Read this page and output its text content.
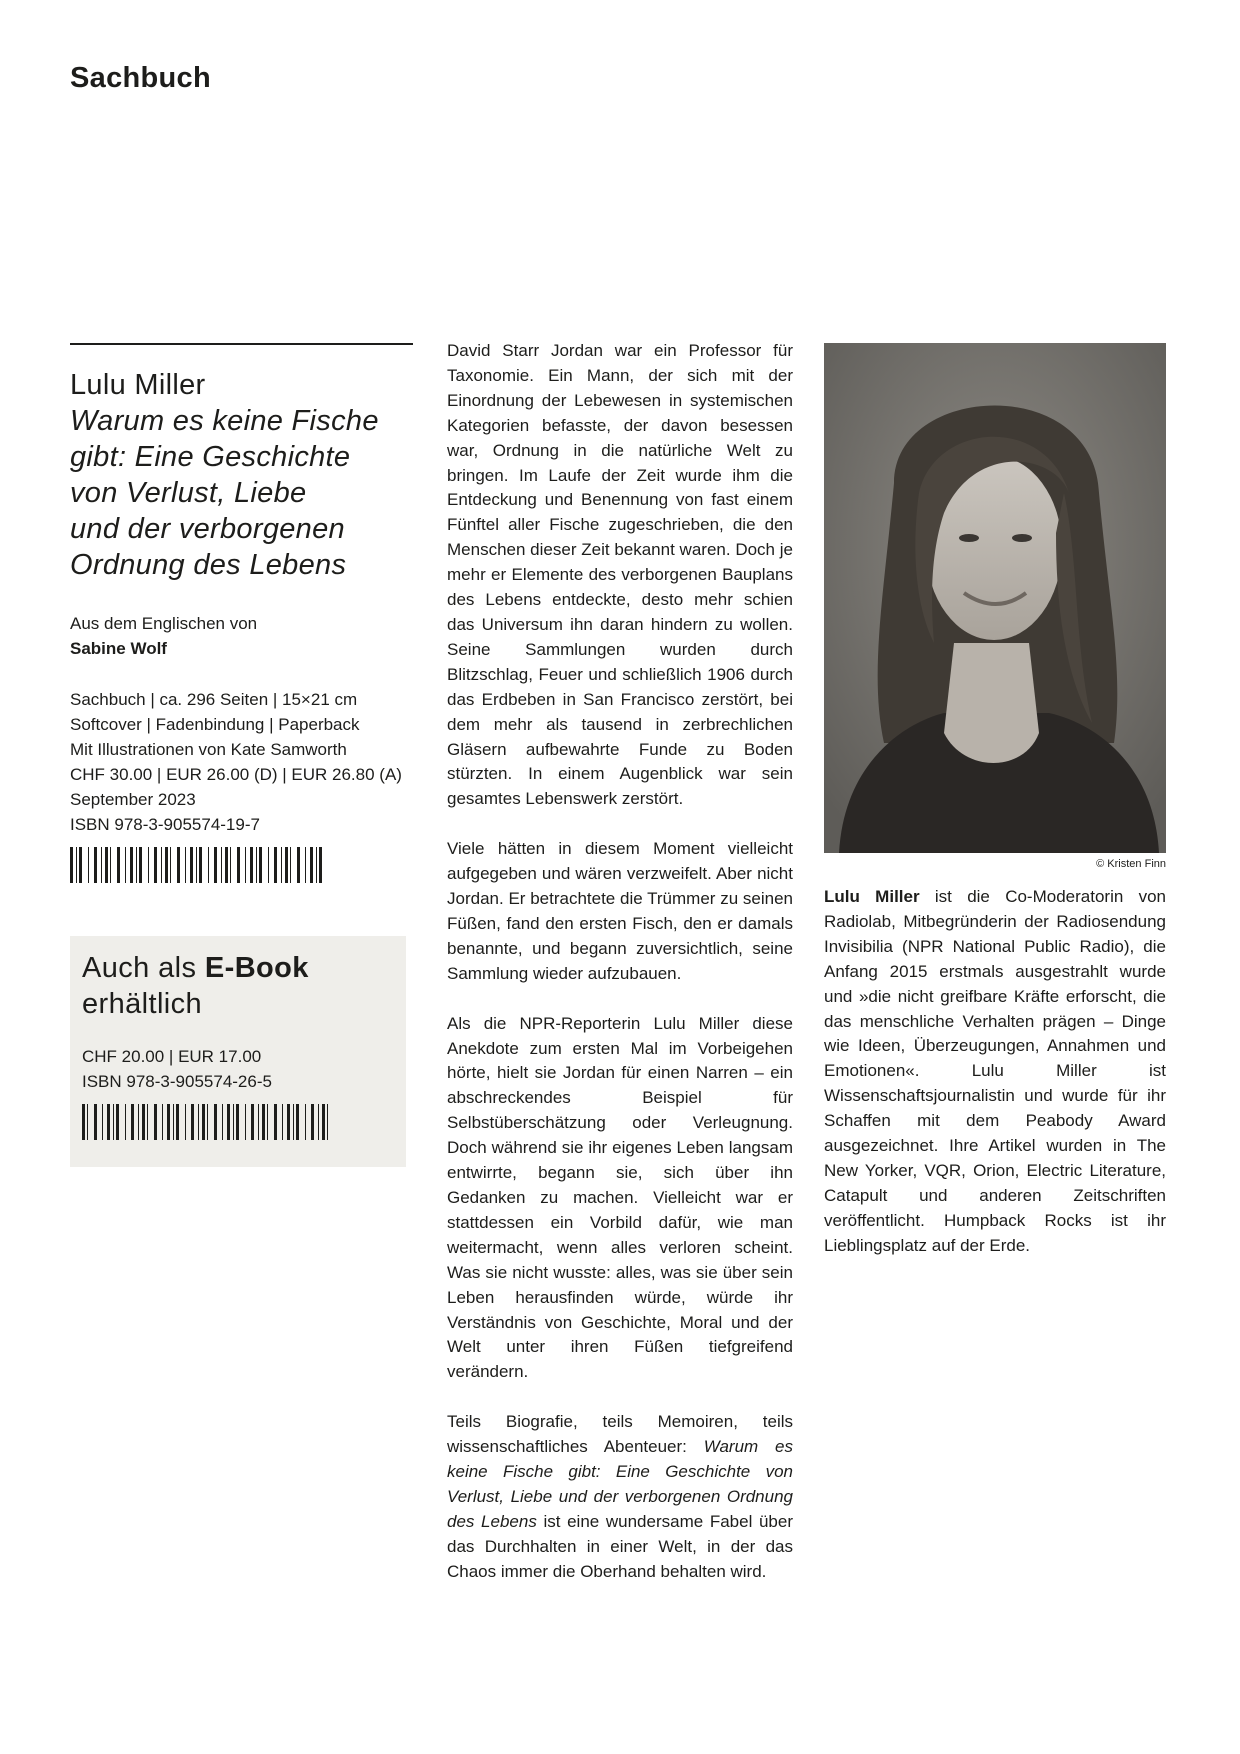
Sachbuch
Lulu Miller
Warum es keine Fische
gibt: Eine Geschichte
von Verlust, Liebe
und der verborgenen
Ordnung des Lebens
Aus dem Englischen von
Sabine Wolf
Sachbuch | ca. 296 Seiten | 15×21 cm
Softcover | Fadenbindung | Paperback
Mit Illustrationen von Kate Samworth
CHF 30.00 | EUR 26.00 (D) | EUR 26.80 (A)
September 2023
ISBN 978-3-905574-19-7
Auch als E-Book
erhältlich
CHF 20.00 | EUR 17.00
ISBN 978-3-905574-26-5

David Starr Jordan war ein Professor für Taxonomie. Ein Mann, der sich mit der Einordnung der Lebewesen in systemischen Kategorien befasste, der davon besessen war, Ordnung in die natürliche Welt zu bringen. Im Laufe der Zeit wurde ihm die Entdeckung und Benennung von fast einem Fünftel aller Fische zugeschrieben, die den Menschen dieser Zeit bekannt waren. Doch je mehr er Elemente des verborgenen Bauplans des Lebens entdeckte, desto mehr schien das Universum ihn daran hindern zu wollen. Seine Sammlungen wurden durch Blitzschlag, Feuer und schließlich 1906 durch das Erdbeben in San Francisco zerstört, bei dem mehr als tausend in zerbrechlichen Gläsern aufbewahrte Funde zu Boden stürzten. In einem Augenblick war sein gesamtes Lebenswerk zerstört.

Viele hätten in diesem Moment vielleicht aufgegeben und wären verzweifelt. Aber nicht Jordan. Er betrachtete die Trümmer zu seinen Füßen, fand den ersten Fisch, den er damals benannte, und begann zuversichtlich, seine Sammlung wieder aufzubauen.

Als die NPR-Reporterin Lulu Miller diese Anekdote zum ersten Mal im Vorbeigehen hörte, hielt sie Jordan für einen Narren – ein abschreckendes Beispiel für Selbstüberschätzung oder Verleugnung. Doch während sie ihr eigenes Leben langsam entwirrte, begann sie, sich über ihn Gedanken zu machen. Vielleicht war er stattdessen ein Vorbild dafür, wie man weitermacht, wenn alles verloren scheint. Was sie nicht wusste: alles, was sie über sein Leben herausfinden würde, würde ihr Verständnis von Geschichte, Moral und der Welt unter ihren Füßen tiefgreifend verändern.

Teils Biografie, teils Memoiren, teils wissenschaftliches Abenteuer: Warum es keine Fische gibt: Eine Geschichte von Verlust, Liebe und der verborgenen Ordnung des Lebens ist eine wundersame Fabel über das Durchhalten in einer Welt, in der das Chaos immer die Oberhand behalten wird.

© Kristen Finn
Lulu Miller ist die Co-Moderatorin von Radiolab, Mitbegründerin der Radiosendung Invisibilia (NPR National Public Radio), die Anfang 2015 erstmals ausgestrahlt wurde und »die nicht greifbare Kräfte erforscht, die das menschliche Verhalten prägen – Dinge wie Ideen, Überzeugungen, Annahmen und Emotionen«. Lulu Miller ist Wissenschaftsjournalistin und wurde für ihr Schaffen mit dem Peabody Award ausgezeichnet. Ihre Artikel wurden in The New Yorker, VQR, Orion, Electric Literature, Catapult und anderen Zeitschriften veröffentlicht. Humpback Rocks ist ihr Lieblingsplatz auf der Erde.
